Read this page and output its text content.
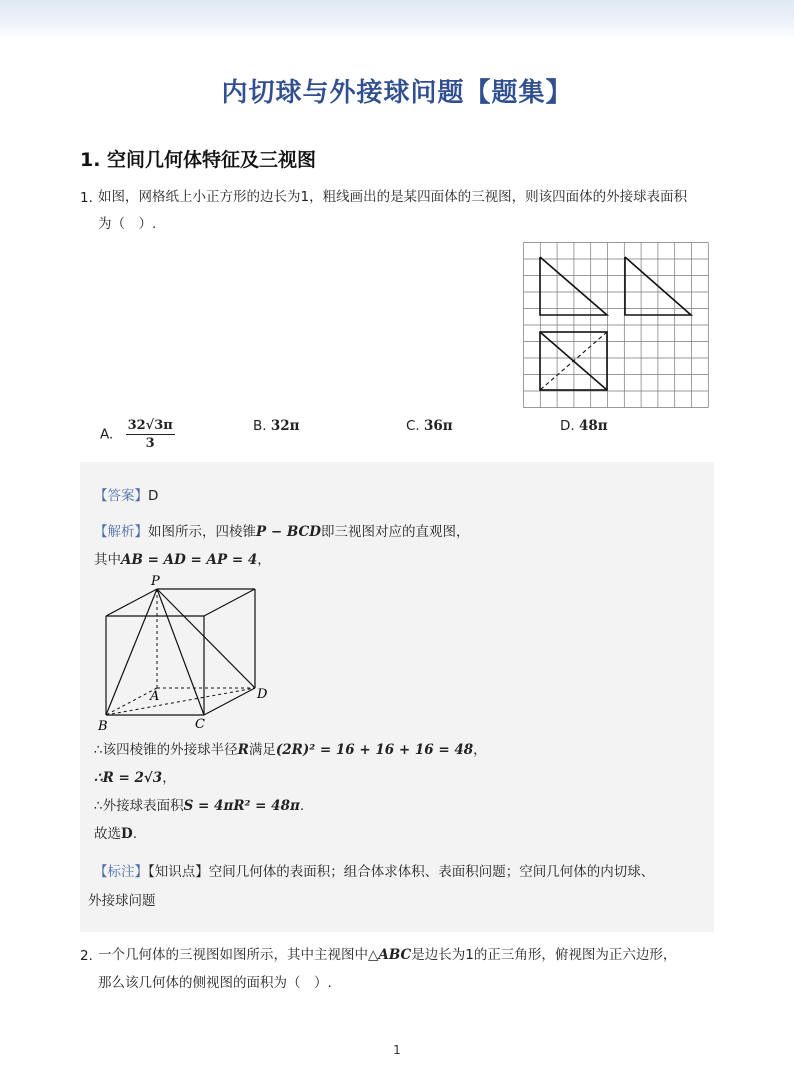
内切球与外接球问题【题集】
1. 空间几何体特征及三视图
1. 如图，网格纸上小正方形的边长为1，粗线画出的是某四面体的三视图，则该四面体的外接球表面积
为（　）.
A. $\frac{32√3\pi}{3}$	B. 32π	C. 36π	D. 48π
【答案】D
【解析】如图所示，四棱锥P − BCD即三视图对应的直观图，
其中AB = AD = AP = 4，
P
A
B	C
D
∴该四棱锥的外接球半径R满足(2R)² = 16 + 16 + 16 = 48，
∴R = 2√3，
∴外接球表面积S = 4πR² = 48π.
故选D.
【标注】【知识点】空间几何体的表面积；组合体求体积、表面积问题；空间几何体的内切球、
外接球问题
2. 一个几何体的三视图如图所示，其中主视图中△ABC是边长为1的正三角形，俯视图为正六边形，
那么该几何体的侧视图的面积为（　）.
1
